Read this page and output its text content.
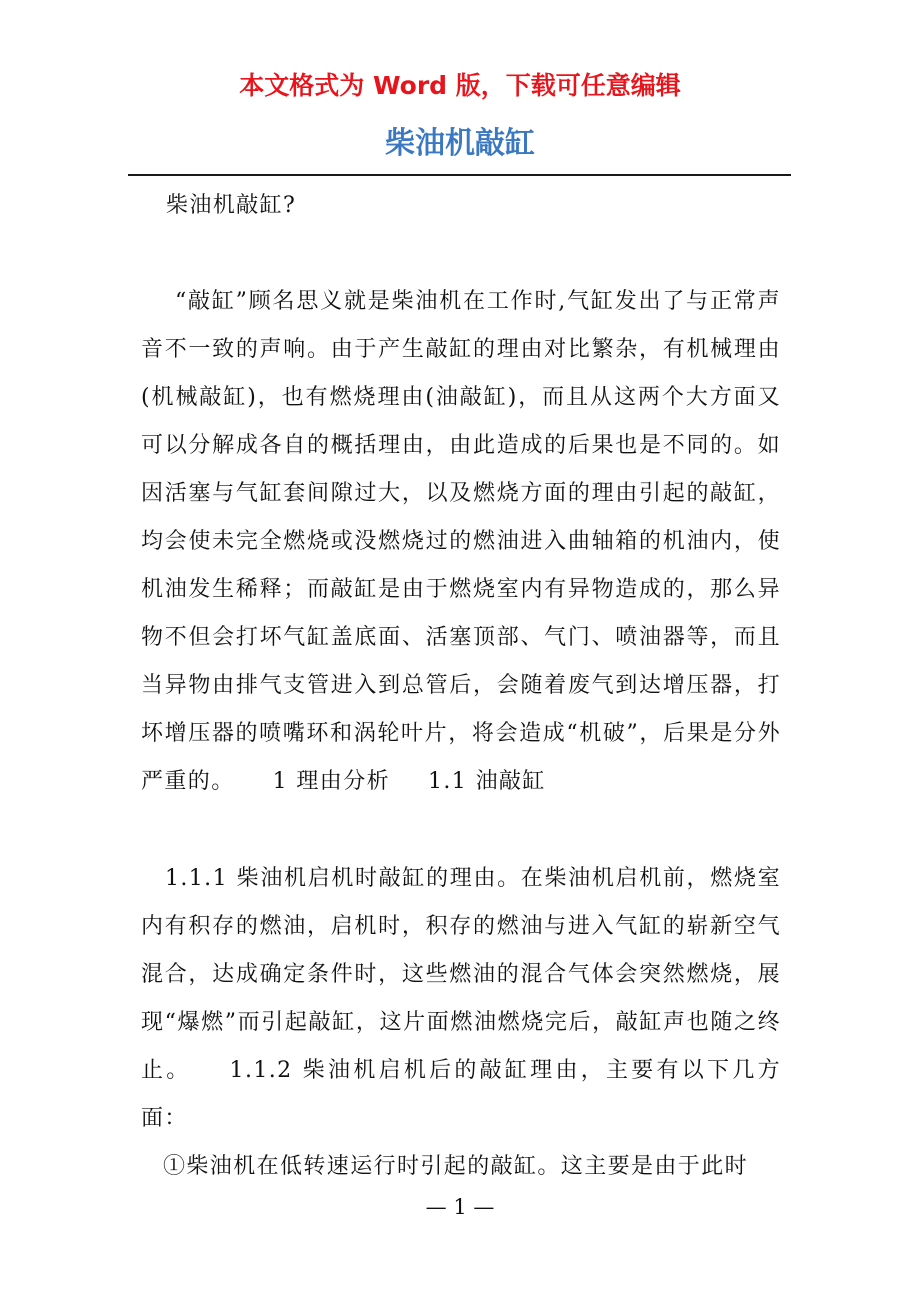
本文格式为 Word 版，下载可任意编辑
柴油机敲缸
柴油机敲缸?
“敲缸”顾名思义就是柴油机在工作时,气缸发出了与正常声音不一致的声响。由于产生敲缸的理由对比繁杂，有机械理由(机械敲缸)，也有燃烧理由(油敲缸)，而且从这两个大方面又可以分解成各自的概括理由，由此造成的后果也是不同的。如因活塞与气缸套间隙过大，以及燃烧方面的理由引起的敲缸，均会使未完全燃烧或没燃烧过的燃油进入曲轴箱的机油内，使机油发生稀释；而敲缸是由于燃烧室内有异物造成的，那么异物不但会打坏气缸盖底面、活塞顶部、气门、喷油器等，而且当异物由排气支管进入到总管后，会随着废气到达增压器，打坏增压器的喷嘴环和涡轮叶片，将会造成“机破”，后果是分外严重的。 1 理由分析 1.1 油敲缸
1.1.1 柴油机启机时敲缸的理由。在柴油机启机前，燃烧室内有积存的燃油，启机时，积存的燃油与进入气缸的崭新空气混合，达成确定条件时，这些燃油的混合气体会突然燃烧，展现“爆燃”而引起敲缸，这片面燃油燃烧完后，敲缸声也随之终止。 1.1.2 柴油机启机后的敲缸理由，主要有以下几方面：
①柴油机在低转速运行时引起的敲缸。这主要是由于此时
— 1 —
